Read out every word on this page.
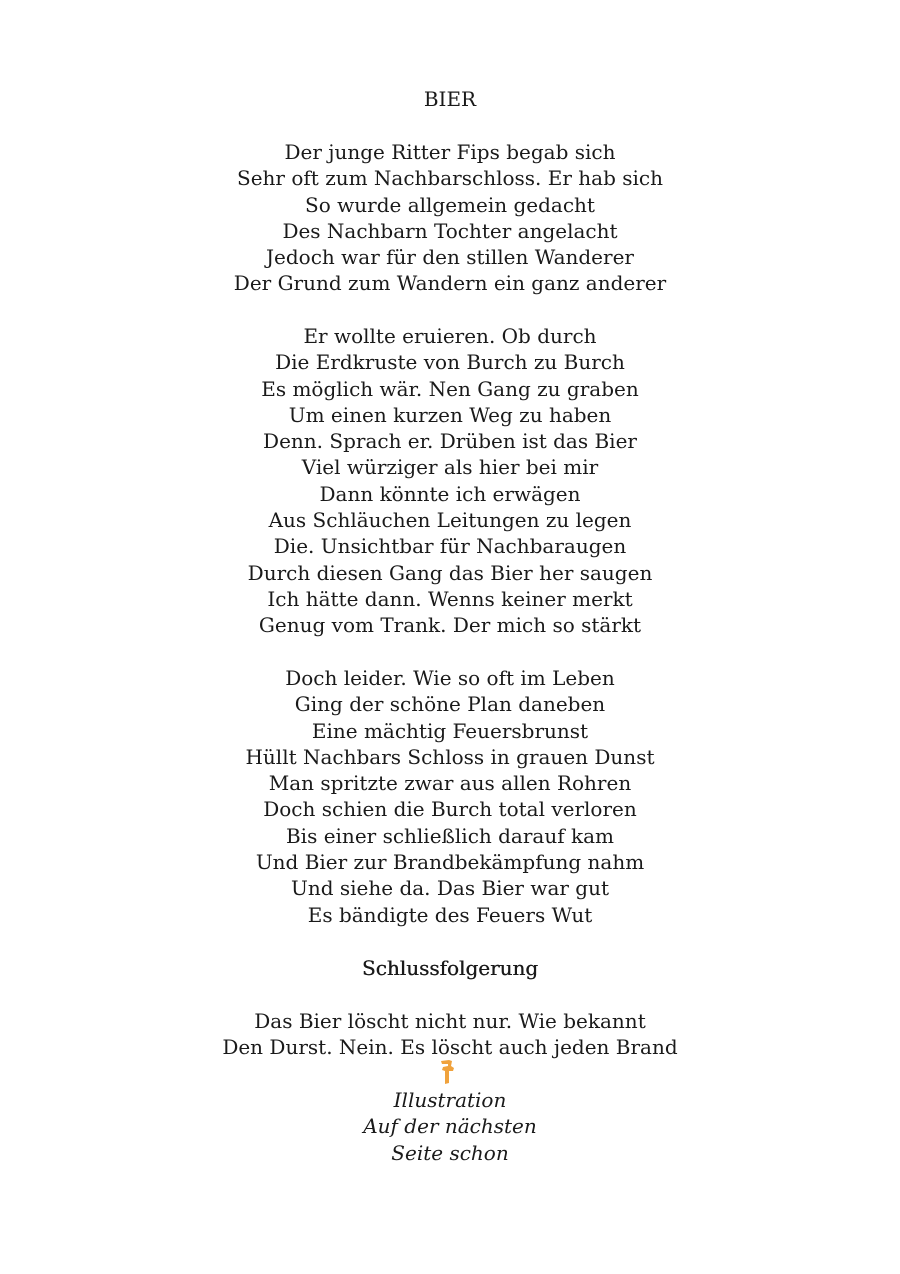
BIER
Der junge Ritter Fips begab sich
Sehr oft zum Nachbarschloss. Er hab sich
So wurde allgemein gedacht
Des Nachbarn Tochter angelacht
Jedoch war für den stillen Wanderer
Der Grund zum Wandern ein ganz anderer
Er wollte eruieren. Ob durch
Die Erdkruste von Burch zu Burch
Es möglich wär. Nen Gang zu graben
Um einen kurzen Weg zu haben
Denn. Sprach er. Drüben ist das Bier
Viel würziger als hier bei mir
Dann könnte ich erwägen
Aus Schläuchen Leitungen zu legen
Die. Unsichtbar für Nachbaraugen
Durch diesen Gang das Bier her saugen
Ich hätte dann. Wenns keiner merkt
Genug vom Trank. Der mich so stärkt
Doch leider. Wie so oft im Leben
Ging der schöne Plan daneben
Eine mächtig Feuersbrunst
Hüllt Nachbars Schloss in grauen Dunst
Man spritzte zwar aus allen Rohren
Doch schien die Burch total verloren
Bis einer schließlich darauf kam
Und Bier zur Brandbekämpfung nahm
Und siehe da. Das Bier war gut
Es bändigte des Feuers Wut
Schlussfolgerung
Das Bier löscht nicht nur. Wie bekannt
Den Durst. Nein. Es löscht auch jeden Brand
Illustration
Auf der nächsten
Seite schon
